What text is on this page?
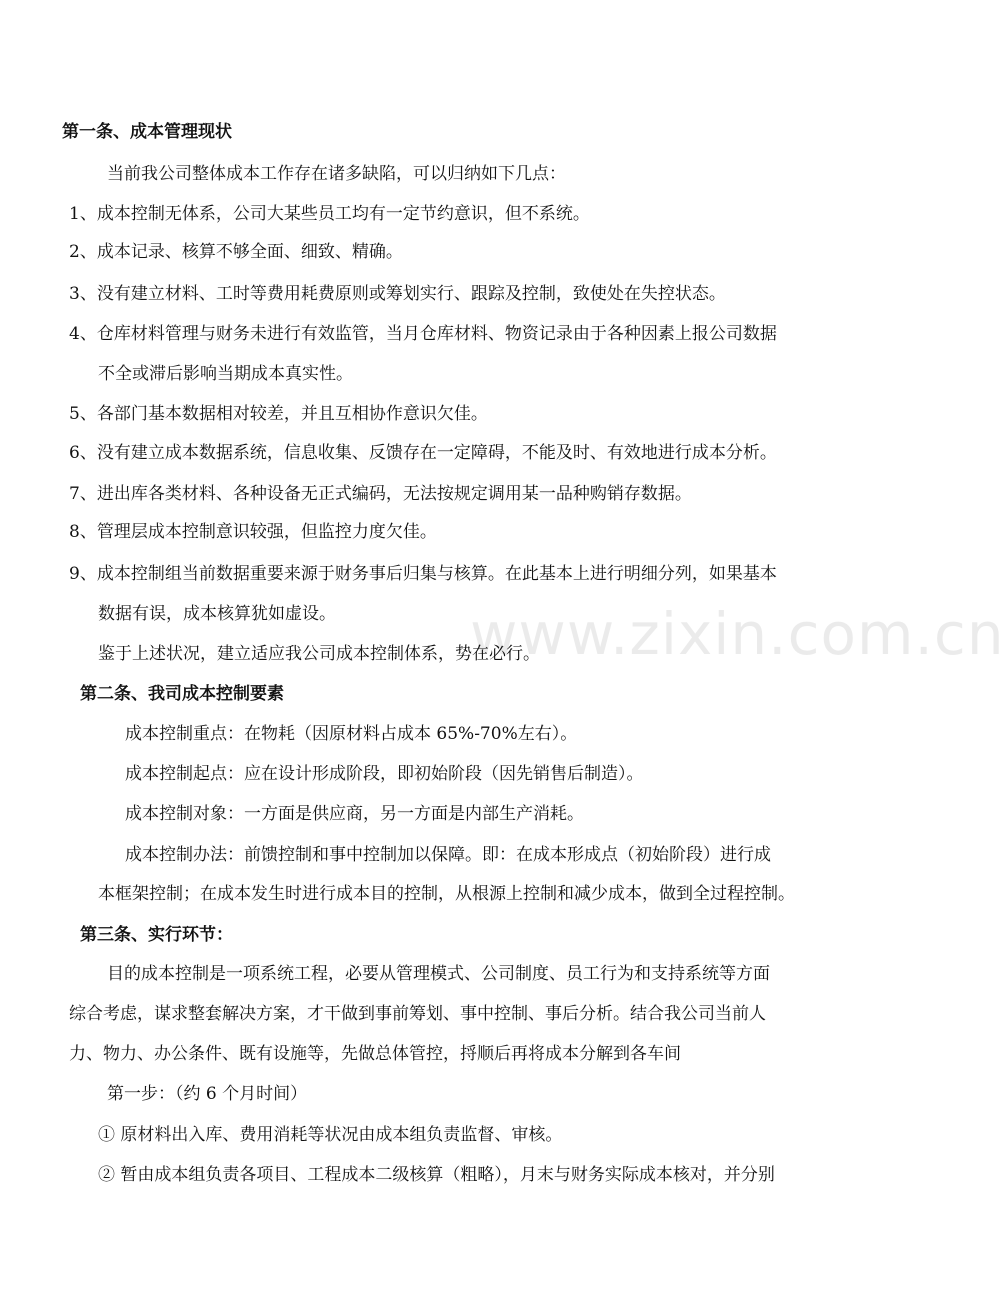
www.zixin.com.cn
第一条、成本管理现状
当前我公司整体成本工作存在诸多缺陷，可以归纳如下几点：
1、成本控制无体系，公司大某些员工均有一定节约意识，但不系统。
2、成本记录、核算不够全面、细致、精确。
3、没有建立材料、工时等费用耗费原则或筹划实行、跟踪及控制，致使处在失控状态。
4、仓库材料管理与财务未进行有效监管，当月仓库材料、物资记录由于各种因素上报公司数据
不全或滞后影响当期成本真实性。
5、各部门基本数据相对较差，并且互相协作意识欠佳。
6、没有建立成本数据系统，信息收集、反馈存在一定障碍，不能及时、有效地进行成本分析。
7、进出库各类材料、各种设备无正式编码，无法按规定调用某一品种购销存数据。
8、管理层成本控制意识较强，但监控力度欠佳。
9、成本控制组当前数据重要来源于财务事后归集与核算。在此基本上进行明细分列，如果基本
数据有误，成本核算犹如虚设。
鉴于上述状况，建立适应我公司成本控制体系，势在必行。
第二条、我司成本控制要素
成本控制重点：在物耗（因原材料占成本 65%-70%左右）。
成本控制起点：应在设计形成阶段，即初始阶段（因先销售后制造）。
成本控制对象：一方面是供应商，另一方面是内部生产消耗。
成本控制办法：前馈控制和事中控制加以保障。即：在成本形成点（初始阶段）进行成
本框架控制；在成本发生时进行成本目的控制，从根源上控制和减少成本，做到全过程控制。
第三条、实行环节：
目的成本控制是一项系统工程，必要从管理模式、公司制度、员工行为和支持系统等方面
综合考虑，谋求整套解决方案，才干做到事前筹划、事中控制、事后分析。结合我公司当前人
力、物力、办公条件、既有设施等，先做总体管控，捋顺后再将成本分解到各车间
第一步：（约 6 个月时间）
① 原材料出入库、费用消耗等状况由成本组负责监督、审核。
② 暂由成本组负责各项目、工程成本二级核算（粗略），月末与财务实际成本核对，并分别
